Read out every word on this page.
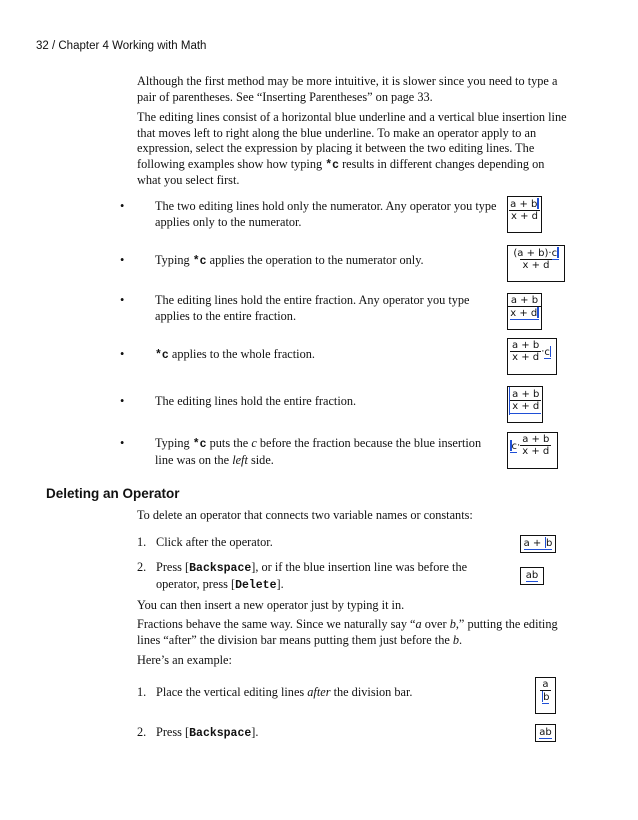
32 / Chapter 4 Working with Math

Although the first method may be more intuitive, it is slower since you need to type a pair of parentheses. See “Inserting Parentheses” on page 33.

The editing lines consist of a horizontal blue underline and a vertical blue insertion line that moves left to right along the blue underline. To make an operator apply to an expression, select the expression by placing it between the two editing lines. The following examples show how typing *c results in different changes depending on what you select first.

• The two editing lines hold only the numerator. Any operator you type applies only to the numerator.
• Typing *c applies the operation to the numerator only.
• The editing lines hold the entire fraction. Any operator you type applies to the entire fraction.
•	*c applies to the whole fraction.
• The editing lines hold the entire fraction.
• Typing *c puts the c before the fraction because the blue insertion line was on the left side.
$\frac{a + b}{x + d}$
$\frac{(a + b)\cdot c}{x + d}$
$\frac{a + b}{x + d}$
$\frac{a + b}{x + d} \cdot c$
$\frac{a + b}{x + d}$
$c\cdot \frac{a + b}{x + d}$
Deleting an Operator
To delete an operator that connects two variable names or constants:
1. Click after the operator.
2. Press [Backspace], or if the blue insertion line was before the operator, press [Delete].
a + b
ab
You can then insert a new operator just by typing it in.
Fractions behave the same way. Since we naturally say “a over b,” putting the editing lines “after” the division bar means putting them just before the b.
Here’s an example:
1. Place the vertical editing lines after the division bar.
2. Press [Backspace].
$\frac{a}{b}$
ab
